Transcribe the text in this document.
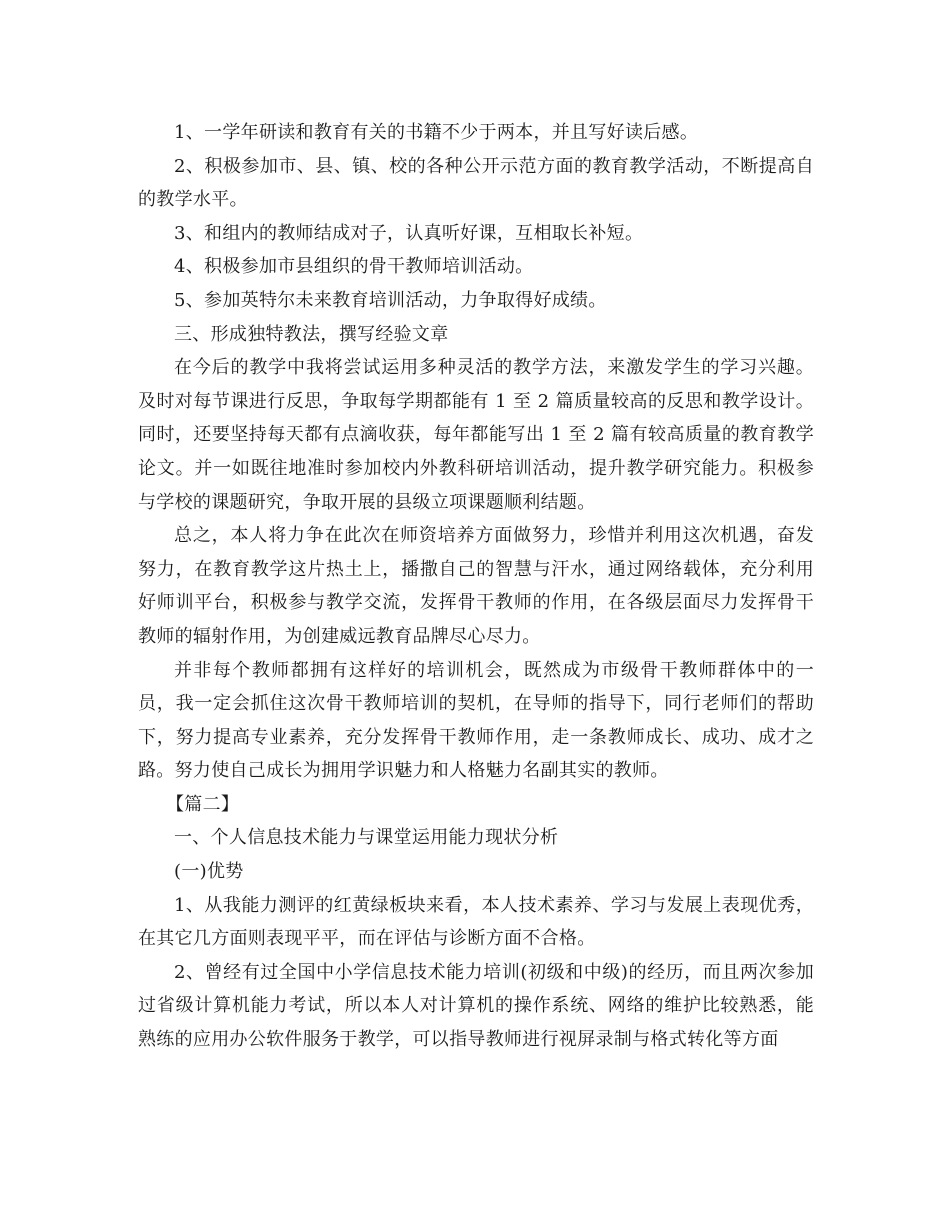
1、一学年研读和教育有关的书籍不少于两本，并且写好读后感。

2、积极参加市、县、镇、校的各种公开示范方面的教育教学活动，不断提高自的教学水平。

3、和组内的教师结成对子，认真听好课，互相取长补短。

4、积极参加市县组织的骨干教师培训活动。

5、参加英特尔未来教育培训活动，力争取得好成绩。

三、形成独特教法，撰写经验文章

在今后的教学中我将尝试运用多种灵活的教学方法，来激发学生的学习兴趣。及时对每节课进行反思，争取每学期都能有 1 至 2 篇质量较高的反思和教学设计。同时，还要坚持每天都有点滴收获，每年都能写出 1 至 2 篇有较高质量的教育教学论文。并一如既往地准时参加校内外教科研培训活动，提升教学研究能力。积极参与学校的课题研究，争取开展的县级立项课题顺利结题。

总之，本人将力争在此次在师资培养方面做努力，珍惜并利用这次机遇，奋发努力，在教育教学这片热土上，播撒自己的智慧与汗水，通过网络载体，充分利用好师训平台，积极参与教学交流，发挥骨干教师的作用，在各级层面尽力发挥骨干教师的辐射作用，为创建威远教育品牌尽心尽力。

并非每个教师都拥有这样好的培训机会，既然成为市级骨干教师群体中的一员，我一定会抓住这次骨干教师培训的契机，在导师的指导下，同行老师们的帮助下，努力提高专业素养，充分发挥骨干教师作用，走一条教师成长、成功、成才之路。努力使自己成长为拥用学识魅力和人格魅力名副其实的教师。

【篇二】

一、个人信息技术能力与课堂运用能力现状分析

(一)优势

1、从我能力测评的红黄绿板块来看，本人技术素养、学习与发展上表现优秀，在其它几方面则表现平平，而在评估与诊断方面不合格。

2、曾经有过全国中小学信息技术能力培训(初级和中级)的经历，而且两次参加过省级计算机能力考试，所以本人对计算机的操作系统、网络的维护比较熟悉，能熟练的应用办公软件服务于教学，可以指导教师进行视屏录制与格式转化等方面
